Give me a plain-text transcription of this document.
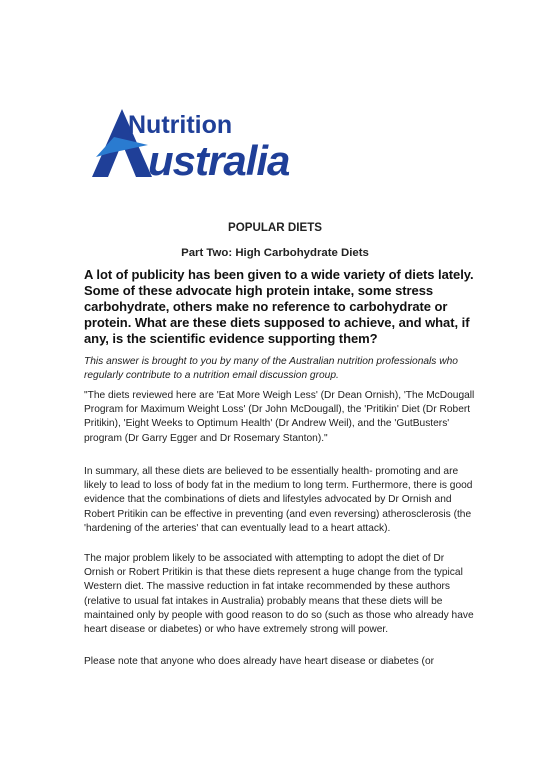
Nutrition
ustralia
POPULAR DIETS
Part Two: High Carbohydrate Diets
A lot of publicity has been given to a wide variety of diets lately. Some of these advocate high protein intake, some stress carbohydrate, others make no reference to carbohydrate or protein. What are these diets supposed to achieve, and what, if any, is the scientific evidence supporting them?
This answer is brought to you by many of the Australian nutrition professionals who regularly contribute to a nutrition email discussion group.
"The diets reviewed here are 'Eat More Weigh Less' (Dr Dean Ornish), 'The McDougall Program for Maximum Weight Loss' (Dr John McDougall), the 'Pritikin' Diet (Dr Robert Pritikin), 'Eight Weeks to Optimum Health' (Dr Andrew Weil), and the 'GutBusters' program (Dr Garry Egger and Dr Rosemary Stanton)."
In summary, all these diets are believed to be essentially health- promoting and are likely to lead to loss of body fat in the medium to long term. Furthermore, there is good evidence that the combinations of diets and lifestyles advocated by Dr Ornish and Robert Pritikin can be effective in preventing (and even reversing) atherosclerosis (the 'hardening of the arteries' that can eventually lead to a heart attack).
The major problem likely to be associated with attempting to adopt the diet of Dr Ornish or Robert Pritikin is that these diets represent a huge change from the typical Western diet. The massive reduction in fat intake recommended by these authors (relative to usual fat intakes in Australia) probably means that these diets will be maintained only by people with good reason to do so (such as those who already have heart disease or diabetes) or who have extremely strong will power.
Please note that anyone who does already have heart disease or diabetes (or
